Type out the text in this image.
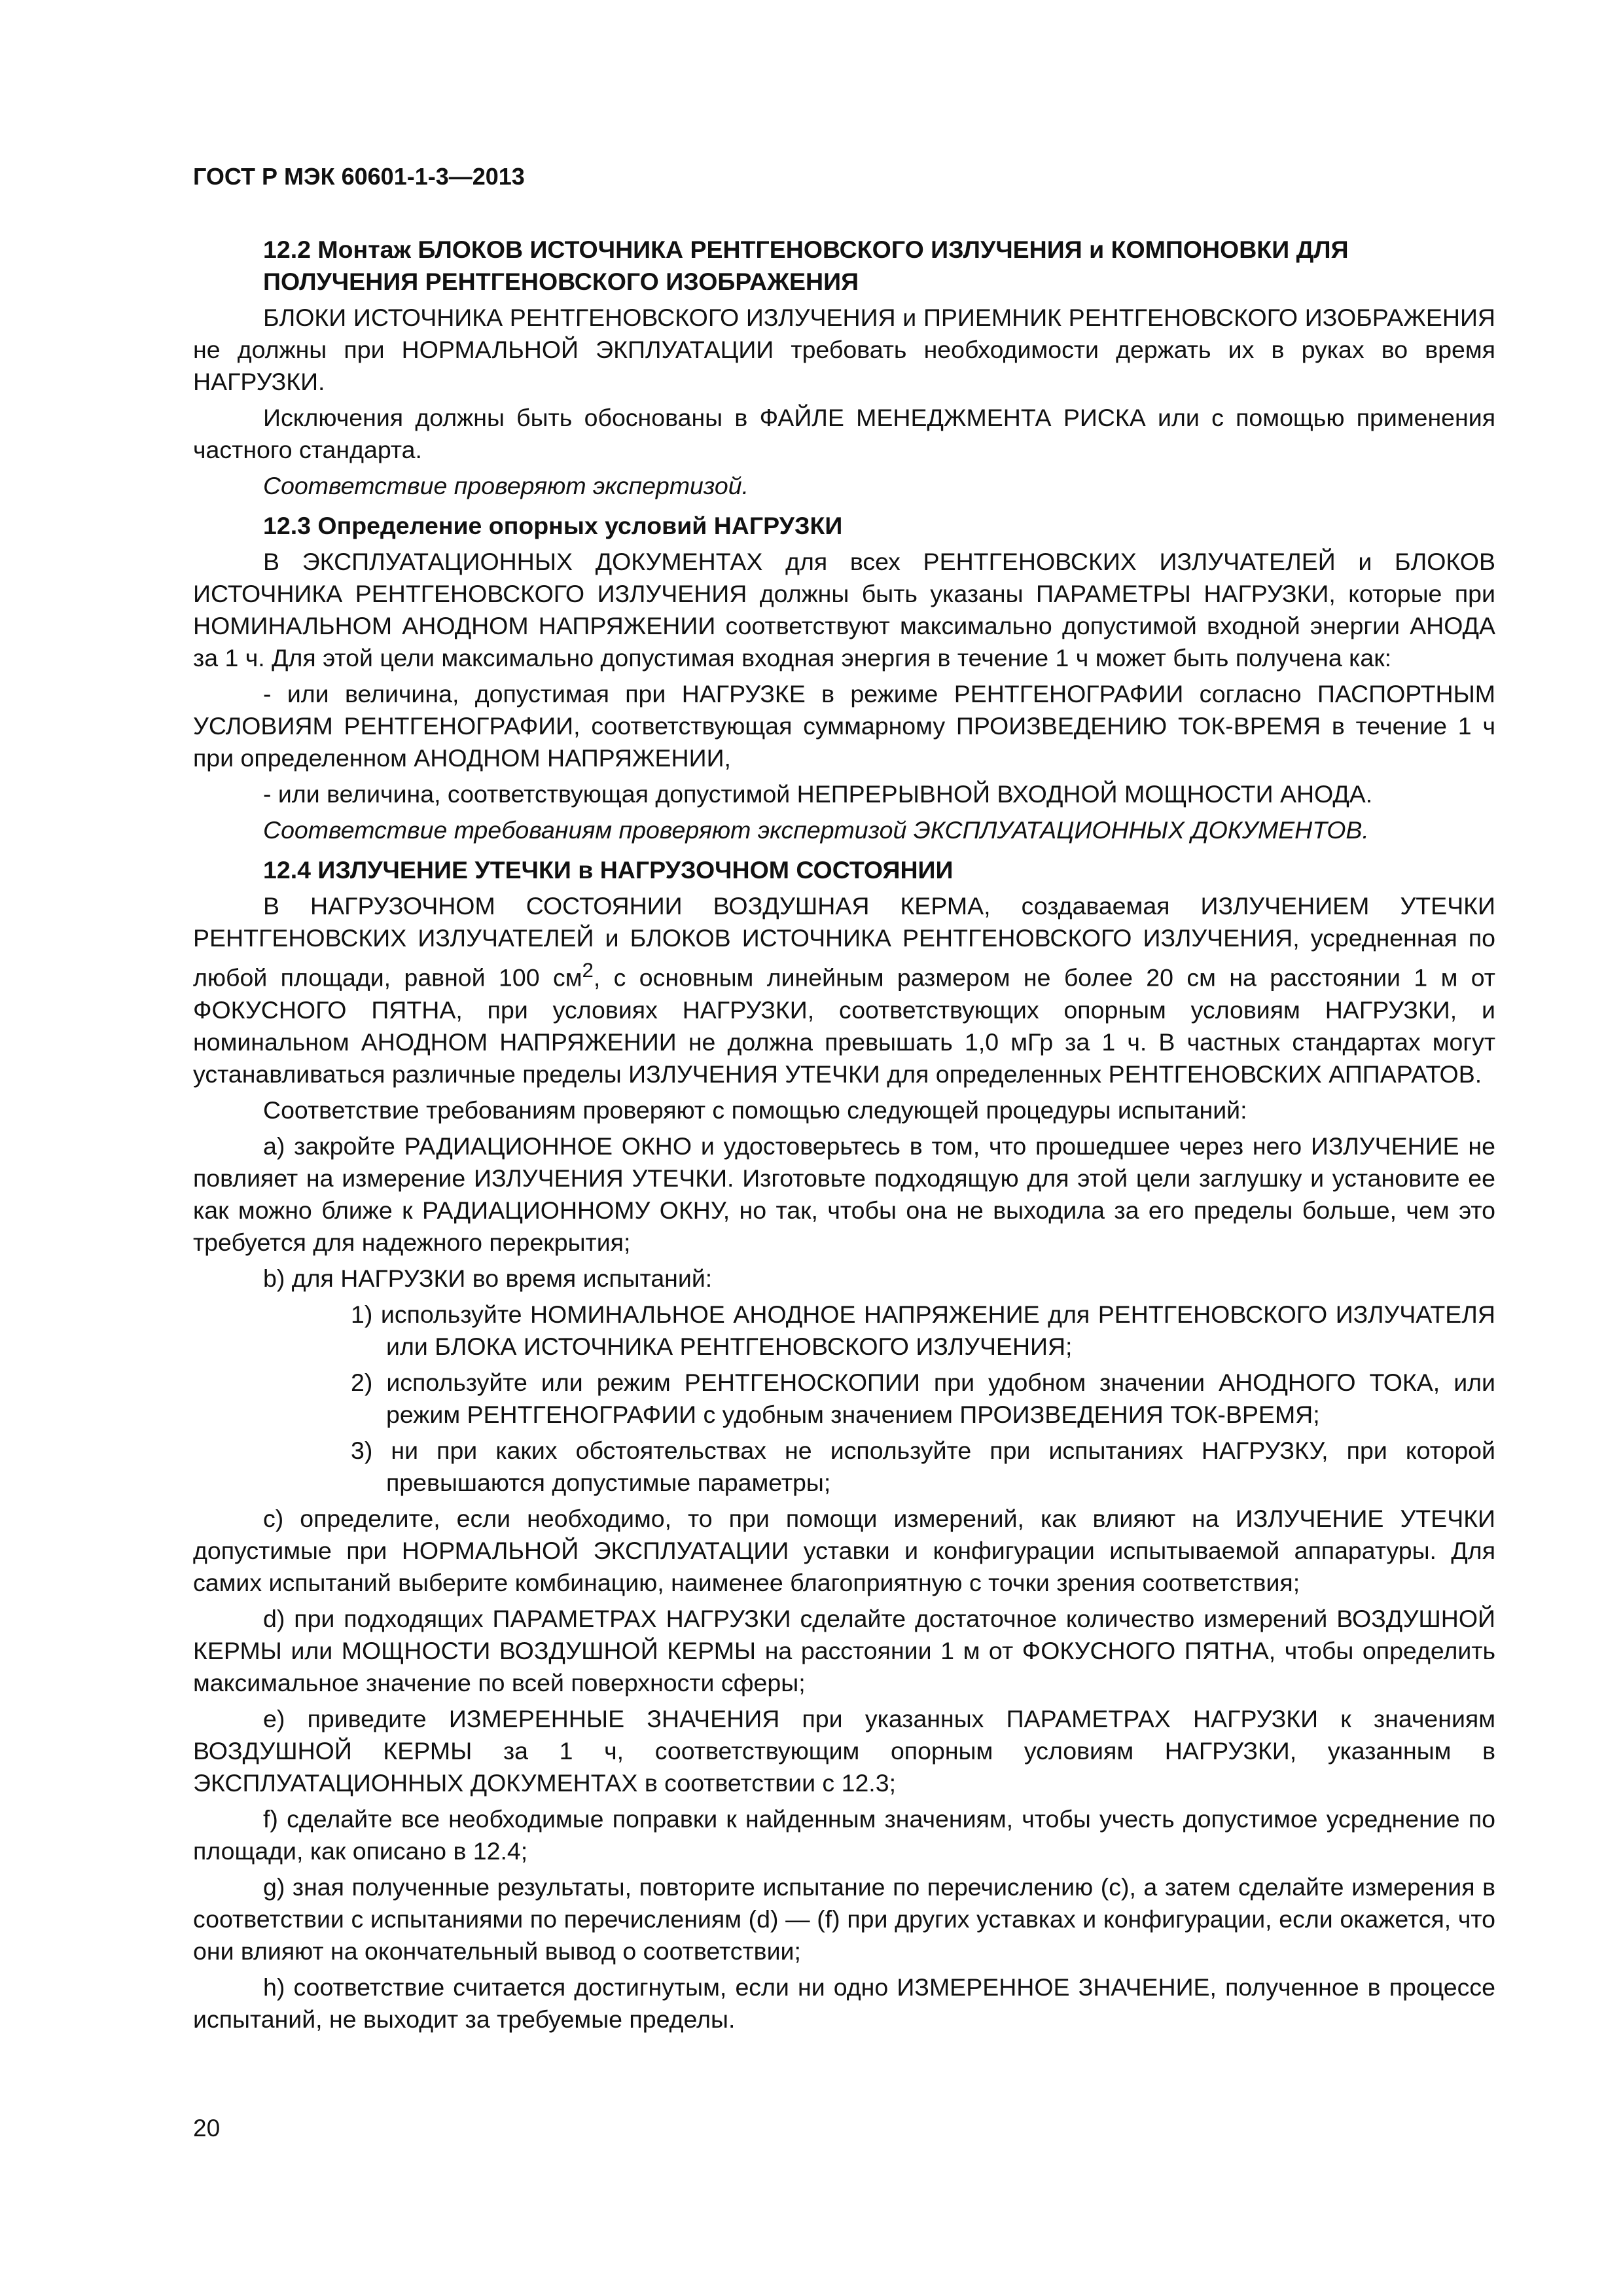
ГОСТ Р МЭК 60601-1-3—2013
12.2 Монтаж БЛОКОВ ИСТОЧНИКА РЕНТГЕНОВСКОГО ИЗЛУЧЕНИЯ и КОМПОНОВКИ ДЛЯ ПОЛУЧЕНИЯ РЕНТГЕНОВСКОГО ИЗОБРАЖЕНИЯ

БЛОКИ ИСТОЧНИКА РЕНТГЕНОВСКОГО ИЗЛУЧЕНИЯ и ПРИЕМНИК РЕНТГЕНОВСКОГО ИЗОБРАЖЕНИЯ не должны при НОРМАЛЬНОЙ ЭКПЛУАТАЦИИ требовать необходимости держать их в руках во время НАГРУЗКИ.

Исключения должны быть обоснованы в ФАЙЛЕ МЕНЕДЖМЕНТА РИСКА или с помощью применения частного стандарта.

Соответствие проверяют экспертизой.

12.3 Определение опорных условий НАГРУЗКИ

В ЭКСПЛУАТАЦИОННЫХ ДОКУМЕНТАХ для всех РЕНТГЕНОВСКИХ ИЗЛУЧАТЕЛЕЙ и БЛОКОВ ИСТОЧНИКА РЕНТГЕНОВСКОГО ИЗЛУЧЕНИЯ должны быть указаны ПАРАМЕТРЫ НАГРУЗКИ, которые при НОМИНАЛЬНОМ АНОДНОМ НАПРЯЖЕНИИ соответствуют максимально допустимой входной энергии АНОДА за 1 ч. Для этой цели максимально допустимая входная энергия в течение 1 ч может быть получена как:

- или величина, допустимая при НАГРУЗКЕ в режиме РЕНТГЕНОГРАФИИ согласно ПАСПОРТНЫМ УСЛОВИЯМ РЕНТГЕНОГРАФИИ, соответствующая суммарному ПРОИЗВЕДЕНИЮ ТОК-ВРЕМЯ в течение 1 ч при определенном АНОДНОМ НАПРЯЖЕНИИ,

- или величина, соответствующая допустимой НЕПРЕРЫВНОЙ ВХОДНОЙ МОЩНОСТИ АНОДА.

Соответствие требованиям проверяют экспертизой ЭКСПЛУАТАЦИОННЫХ ДОКУМЕНТОВ.

12.4 ИЗЛУЧЕНИЕ УТЕЧКИ в НАГРУЗОЧНОМ СОСТОЯНИИ

В НАГРУЗОЧНОМ СОСТОЯНИИ ВОЗДУШНАЯ КЕРМА, создаваемая ИЗЛУЧЕНИЕМ УТЕЧКИ РЕНТГЕНОВСКИХ ИЗЛУЧАТЕЛЕЙ и БЛОКОВ ИСТОЧНИКА РЕНТГЕНОВСКОГО ИЗЛУЧЕНИЯ, усредненная по любой площади, равной 100 $см^2$, с основным линейным размером не более 20 см на расстоянии 1 м от ФОКУСНОГО ПЯТНА, при условиях НАГРУЗКИ, соответствующих опорным условиям НАГРУЗКИ, и номинальном АНОДНОМ НАПРЯЖЕНИИ не должна превышать 1,0 мГр за 1 ч. В частных стандартах могут устанавливаться различные пределы ИЗЛУЧЕНИЯ УТЕЧКИ для определенных РЕНТГЕНОВСКИХ АППАРАТОВ.

Соответствие требованиям проверяют с помощью следующей процедуры испытаний:

a) закройте РАДИАЦИОННОЕ ОКНО и удостоверьтесь в том, что прошедшее через него ИЗЛУЧЕНИЕ не повлияет на измерение ИЗЛУЧЕНИЯ УТЕЧКИ. Изготовьте подходящую для этой цели заглушку и установите ее как можно ближе к РАДИАЦИОННОМУ ОКНУ, но так, чтобы она не выходила за его пределы больше, чем это требуется для надежного перекрытия;

b) для НАГРУЗКИ во время испытаний:

1) используйте НОМИНАЛЬНОЕ АНОДНОЕ НАПРЯЖЕНИЕ для РЕНТГЕНОВСКОГО ИЗЛУЧАТЕЛЯ или БЛОКА ИСТОЧНИКА РЕНТГЕНОВСКОГО ИЗЛУЧЕНИЯ;

2) используйте или режим РЕНТГЕНОСКОПИИ при удобном значении АНОДНОГО ТОКА, или режим РЕНТГЕНОГРАФИИ с удобным значением ПРОИЗВЕДЕНИЯ ТОК-ВРЕМЯ;

3) ни при каких обстоятельствах не используйте при испытаниях НАГРУЗКУ, при которой превышаются допустимые параметры;

c) определите, если необходимо, то при помощи измерений, как влияют на ИЗЛУЧЕНИЕ УТЕЧКИ допустимые при НОРМАЛЬНОЙ ЭКСПЛУАТАЦИИ уставки и конфигурации испытываемой аппаратуры. Для самих испытаний выберите комбинацию, наименее благоприятную с точки зрения соответствия;

d) при подходящих ПАРАМЕТРАХ НАГРУЗКИ сделайте достаточное количество измерений ВОЗДУШНОЙ КЕРМЫ или МОЩНОСТИ ВОЗДУШНОЙ КЕРМЫ на расстоянии 1 м от ФОКУСНОГО ПЯТНА, чтобы определить максимальное значение по всей поверхности сферы;

e) приведите ИЗМЕРЕННЫЕ ЗНАЧЕНИЯ при указанных ПАРАМЕТРАХ НАГРУЗКИ к значениям ВОЗДУШНОЙ КЕРМЫ за 1 ч, соответствующим опорным условиям НАГРУЗКИ, указанным в ЭКСПЛУАТАЦИОННЫХ ДОКУМЕНТАХ в соответствии с 12.3;

f) сделайте все необходимые поправки к найденным значениям, чтобы учесть допустимое усреднение по площади, как описано в 12.4;

g) зная полученные результаты, повторите испытание по перечислению (c), а затем сделайте измерения в соответствии с испытаниями по перечислениям (d) — (f) при других уставках и конфигурации, если окажется, что они влияют на окончательный вывод о соответствии;

h) соответствие считается достигнутым, если ни одно ИЗМЕРЕННОЕ ЗНАЧЕНИЕ, полученное в процессе испытаний, не выходит за требуемые пределы.

20
